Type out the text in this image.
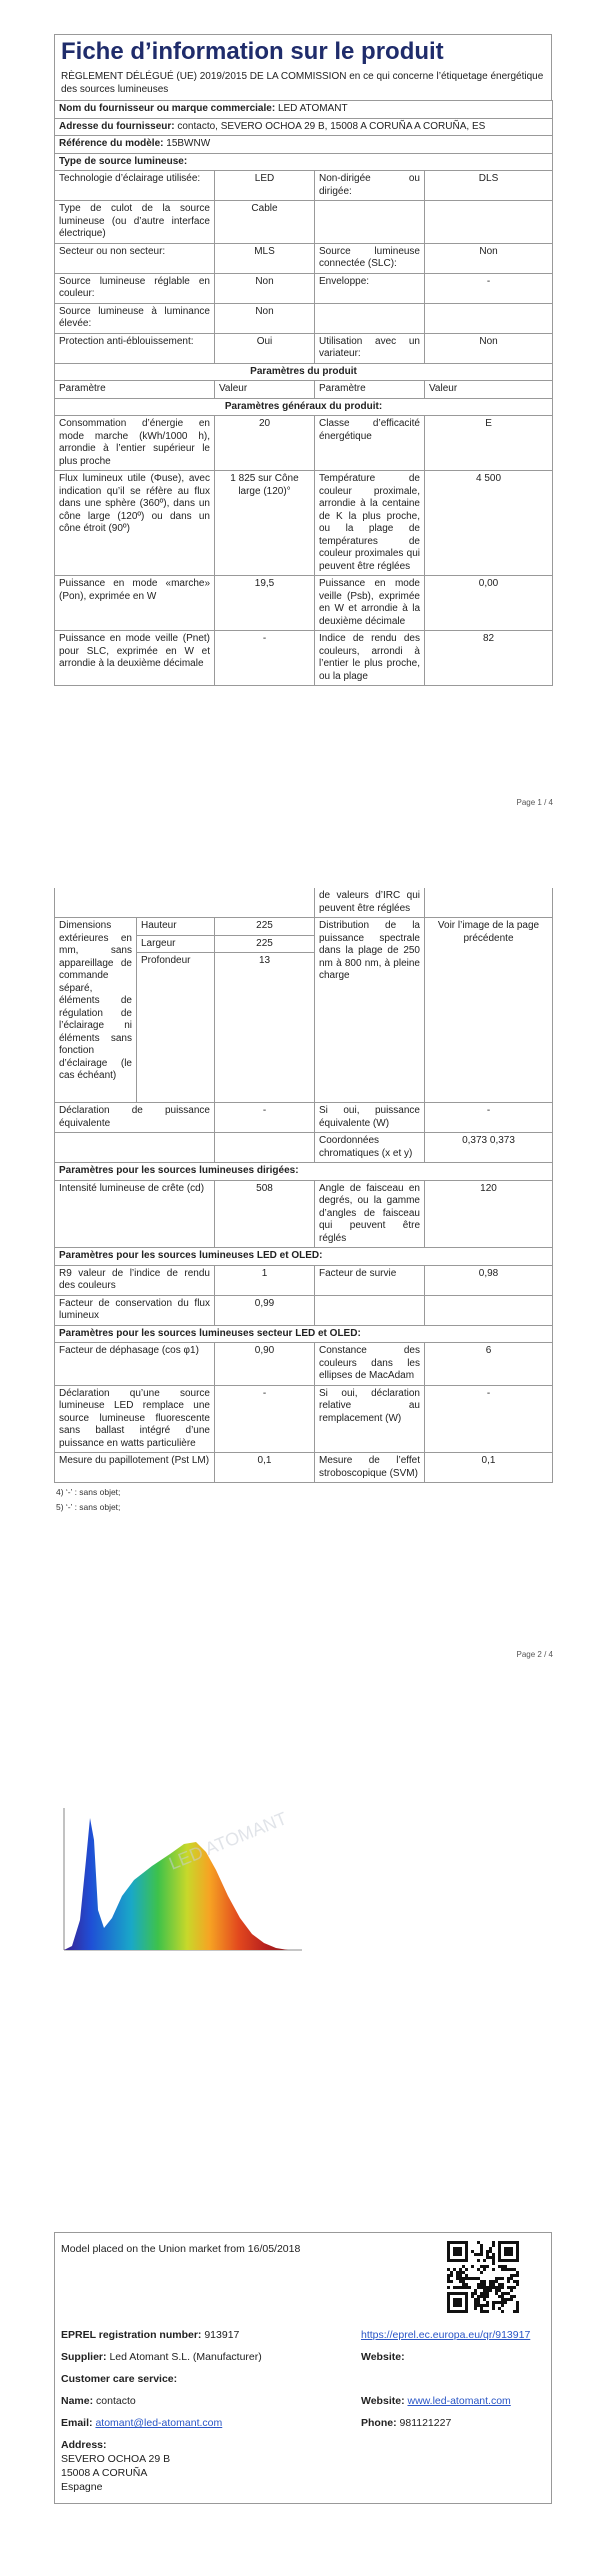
Fiche d’information sur le produit

RÈGLEMENT DÉLÉGUÉ (UE) 2019/2015 DE LA COMMISSION en ce qui concerne l’étiquetage énergétique des sources lumineuses

Nom du fournisseur ou marque commerciale: LED ATOMANT			
Adresse du fournisseur: contacto, SEVERO OCHOA 29 B, 15008 A CORUÑA A CORUÑA, ES			
Référence du modèle: 15BWNW			
Type de source lumineuse:			
Technologie d’éclairage utilisée:	LED	Non-dirigée ou dirigée:	DLS
Type de culot de la source lumineuse (ou d’autre interface électrique)	Cable		
Secteur ou non secteur:	MLS	Source lumineuse connectée (SLC):	Non
Source lumineuse réglable en couleur:	Non	Enveloppe:	-
Source lumineuse à luminance élevée:	Non		
Protection anti-éblouissement:	Oui	Utilisation avec un variateur:	Non
Paramètres du produit			
Paramètre	Valeur	Paramètre	Valeur
Paramètres généraux du produit:			
Consommation d’énergie en mode marche (kWh/1000 h), arrondie à l’entier supérieur le plus proche	20	Classe d’efficacité énergétique	E
Flux lumineux utile (Φuse), avec indication qu’il se réfère au flux dans une sphère (360º), dans un cône large (120º) ou dans un cône étroit (90º)	1 825 sur Cône large (120)°	Température de couleur proximale, arrondie à la centaine de K la plus proche, ou la plage de températures de couleur proximales qui peuvent être réglées	4 500
Puissance en mode «marche» (Pon), exprimée en W	19,5	Puissance en mode veille (Psb), exprimée en W et arrondie à la deuxième décimale	0,00
Puissance en mode veille (Pnet) pour SLC, exprimée en W et arrondie à la deuxième décimale	-	Indice de rendu des couleurs, arrondi à l’entier le plus proche, ou la plage	82
Page 1 / 4
			de valeurs d’IRC qui peuvent être réglées	
Dimensions extérieures en mm, sans appareillage de commande séparé, éléments de régulation de l’éclairage ni éléments sans fonction d’éclairage (le cas échéant)	Hauteur	225	Distribution de la puissance spectrale dans la plage de 250 nm à 800 nm, à pleine charge	Voir l’image de la page précédente
	Largeur	225		
	Profondeur	13		
Déclaration de puissance équivalente		-	Si oui, puissance équivalente (W)	-
			Coordonnées chromatiques (x et y)	0,373 0,373
Paramètres pour les sources lumineuses dirigées:				
Intensité lumineuse de crête (cd)		508	Angle de faisceau en degrés, ou la gamme d’angles de faisceau qui peuvent être réglés	120
Paramètres pour les sources lumineuses LED et OLED:				
R9 valeur de l’indice de rendu des couleurs		1	Facteur de survie	0,98
Facteur de conservation du flux lumineux		0,99		
Paramètres pour les sources lumineuses secteur LED et OLED:				
Facteur de déphasage (cos φ1)		0,90	Constance des couleurs dans les ellipses de MacAdam	6
Déclaration qu’une source lumineuse LED remplace une source lumineuse fluorescente sans ballast intégré d’une puissance en watts particulière		-	Si oui, déclaration relative au remplacement (W)	-
Mesure du papillotement (Pst LM)		0,1	Mesure de l’effet stroboscopique (SVM)	0,1
4) ‘-’ : sans objet;
5) ‘-’ : sans objet;
Page 2 / 4
LED ATOMANT
Model placed on the Union market from 16/05/2018
EPREL registration number: 913917	https://eprel.ec.europa.eu/qr/913917
Supplier: Led Atomant S.L. (Manufacturer)	Website:
Customer care service:
Name: contacto	Website: www.led-atomant.com
Email: atomant@led-atomant.com	Phone: 981121227
Address:
SEVERO OCHOA 29 B
15008 A CORUÑA
Espagne
